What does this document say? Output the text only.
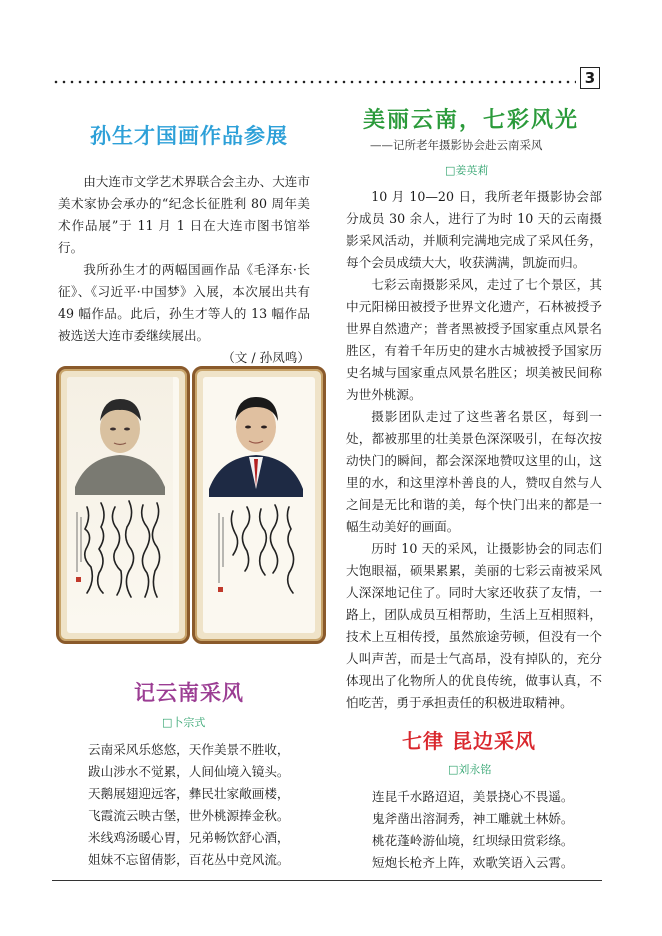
3
孙生才国画作品参展

由大连市文学艺术界联合会主办、大连市美术家协会承办的“纪念长征胜利 80 周年美术作品展”于 11 月 1 日在大连市图书馆举行。

我所孙生才的两幅国画作品《毛泽东·长征》、《习近平·中国梦》入展，本次展出共有 49 幅作品。此后，孙生才等人的 13 幅作品被选送大连市委继续展出。

（文 / 孙凤鸣）

记云南采风
□卜宗式
云南采风乐悠悠，天作美景不胜收，
跋山涉水不觉累，人间仙境入镜头。
天鹅展翅迎远客，彝民壮家敞画楼，
飞霞流云映古堡，世外桃源捧金秋。
米线鸡汤暖心胃，兄弟畅饮舒心酒，
姐妹不忘留倩影，百花丛中竞风流。
美丽云南，七彩风光
——记所老年摄影协会赴云南采风
□姜英莉

10 月 10—20 日，我所老年摄影协会部分成员 30 余人，进行了为时 10 天的云南摄影采风活动，并顺利完满地完成了采风任务，每个会员成绩大大，收获满满，凯旋而归。

七彩云南摄影采风，走过了七个景区，其中元阳梯田被授予世界文化遗产，石林被授予世界自然遗产；普者黑被授予国家重点风景名胜区，有着千年历史的建水古城被授予国家历史名城与国家重点风景名胜区；坝美被民间称为世外桃源。

摄影团队走过了这些著名景区，每到一处，都被那里的壮美景色深深吸引，在每次按动快门的瞬间，都会深深地赞叹这里的山，这里的水，和这里淳朴善良的人，赞叹自然与人之间是无比和谐的美，每个快门出来的都是一幅生动美好的画面。

历时 10 天的采风，让摄影协会的同志们大饱眼福，硕果累累，美丽的七彩云南被采风人深深地记住了。同时大家还收获了友情，一路上，团队成员互相帮助，生活上互相照料，技术上互相传授，虽然旅途劳顿，但没有一个人叫声苦，而是士气高昂，没有掉队的，充分体现出了化物所人的优良传统，做事认真，不怕吃苦，勇于承担责任的积极进取精神。

七律 昆边采风
□刘永铭
连昆千水路迢迢，美景挠心不畏遥。
鬼斧凿出溶洞秀，神工雕就土林娇。
桃花蓬岭游仙境，红坝绿田赏彩绦。
短炮长枪齐上阵，欢歌笑语入云霄。
